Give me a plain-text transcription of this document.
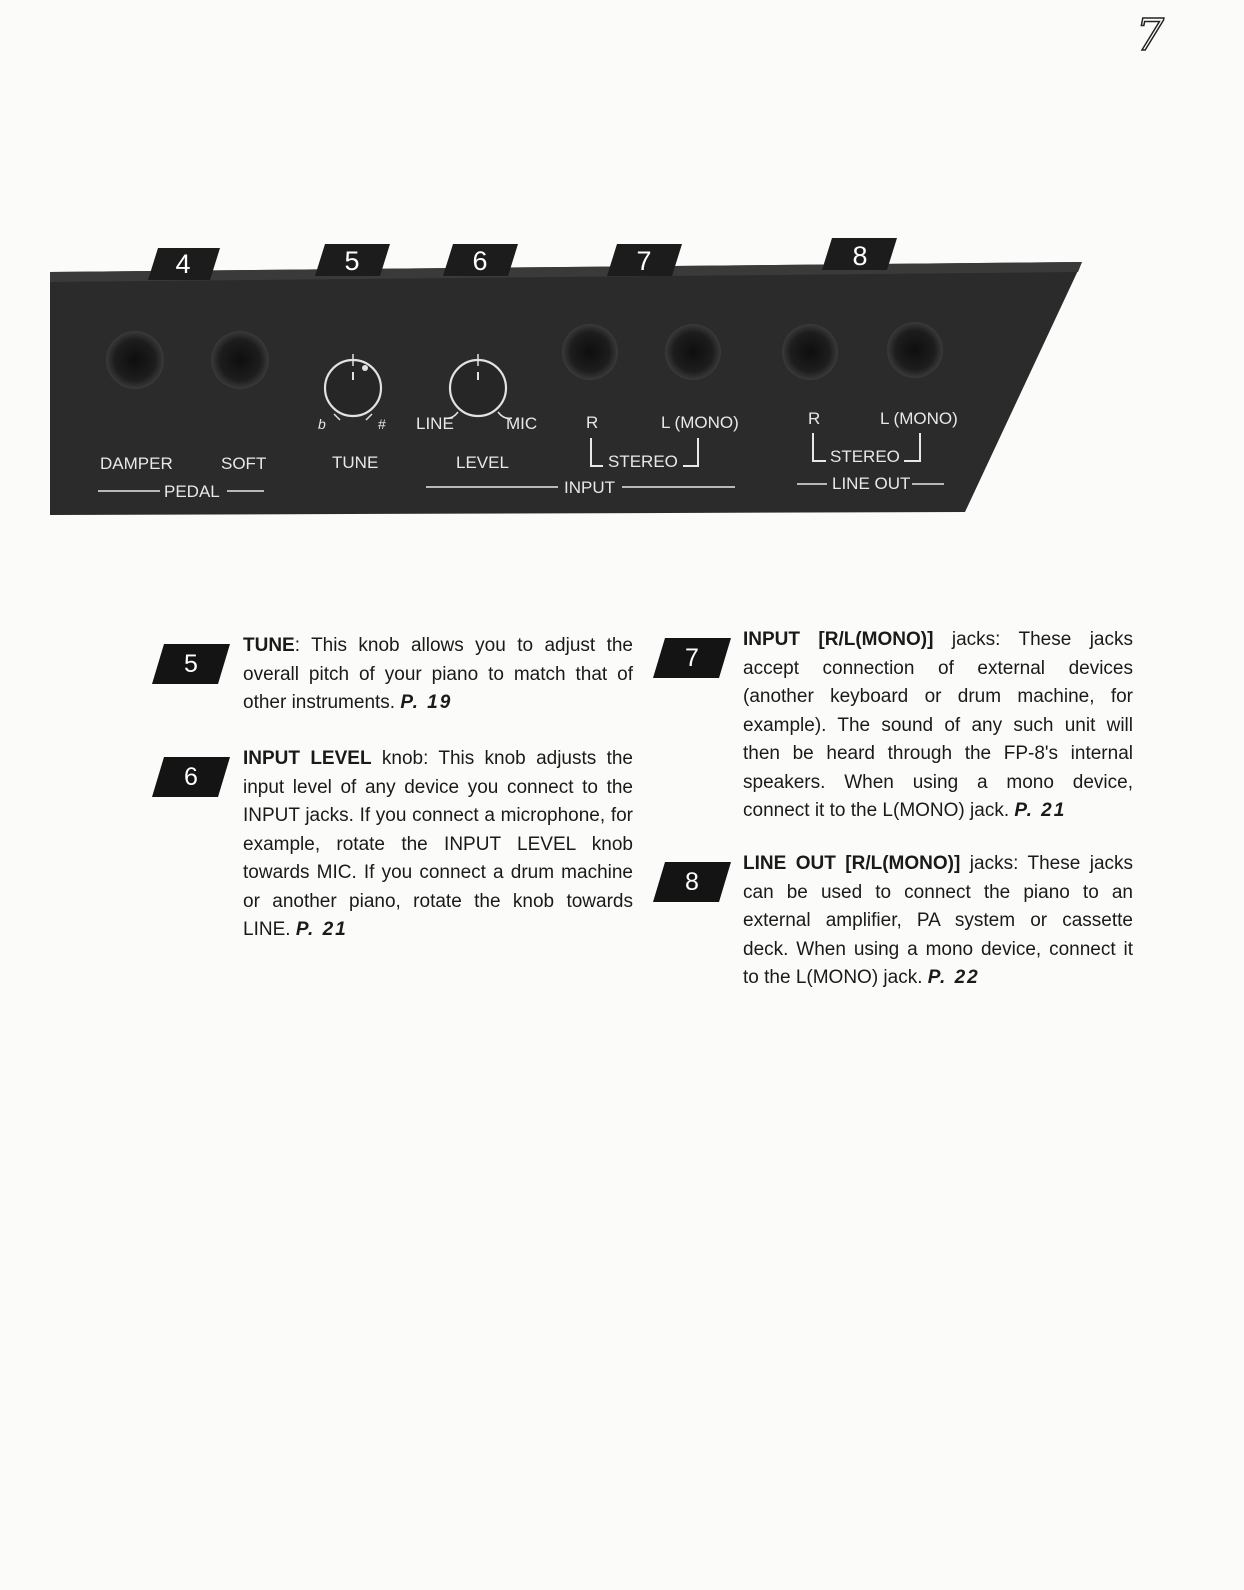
7
4	5	6	7	8
DAMPER	SOFT
PEDAL
b	#
TUNE
LINE	MIC
LEVEL
R	L (MONO)
STEREO
INPUT
R	L (MONO)
STEREO
LINE OUT
5
TUNE: This knob allows you to adjust the overall pitch of your piano to match that of other instruments. P. 19
6
INPUT LEVEL knob: This knob adjusts the input level of any device you connect to the INPUT jacks. If you connect a microphone, for example, rotate the INPUT LEVEL knob towards MIC. If you connect a drum machine or another piano, rotate the knob towards LINE. P. 21
7
INPUT [R/L(MONO)] jacks: These jacks accept connection of external devices (another keyboard or drum machine, for example). The sound of any such unit will then be heard through the FP-8's internal speakers. When using a mono device, connect it to the L(MONO) jack. P. 21
8
LINE OUT [R/L(MONO)] jacks: These jacks can be used to connect the piano to an external amplifier, PA system or cassette deck. When using a mono device, connect it to the L(MONO) jack. P. 22
